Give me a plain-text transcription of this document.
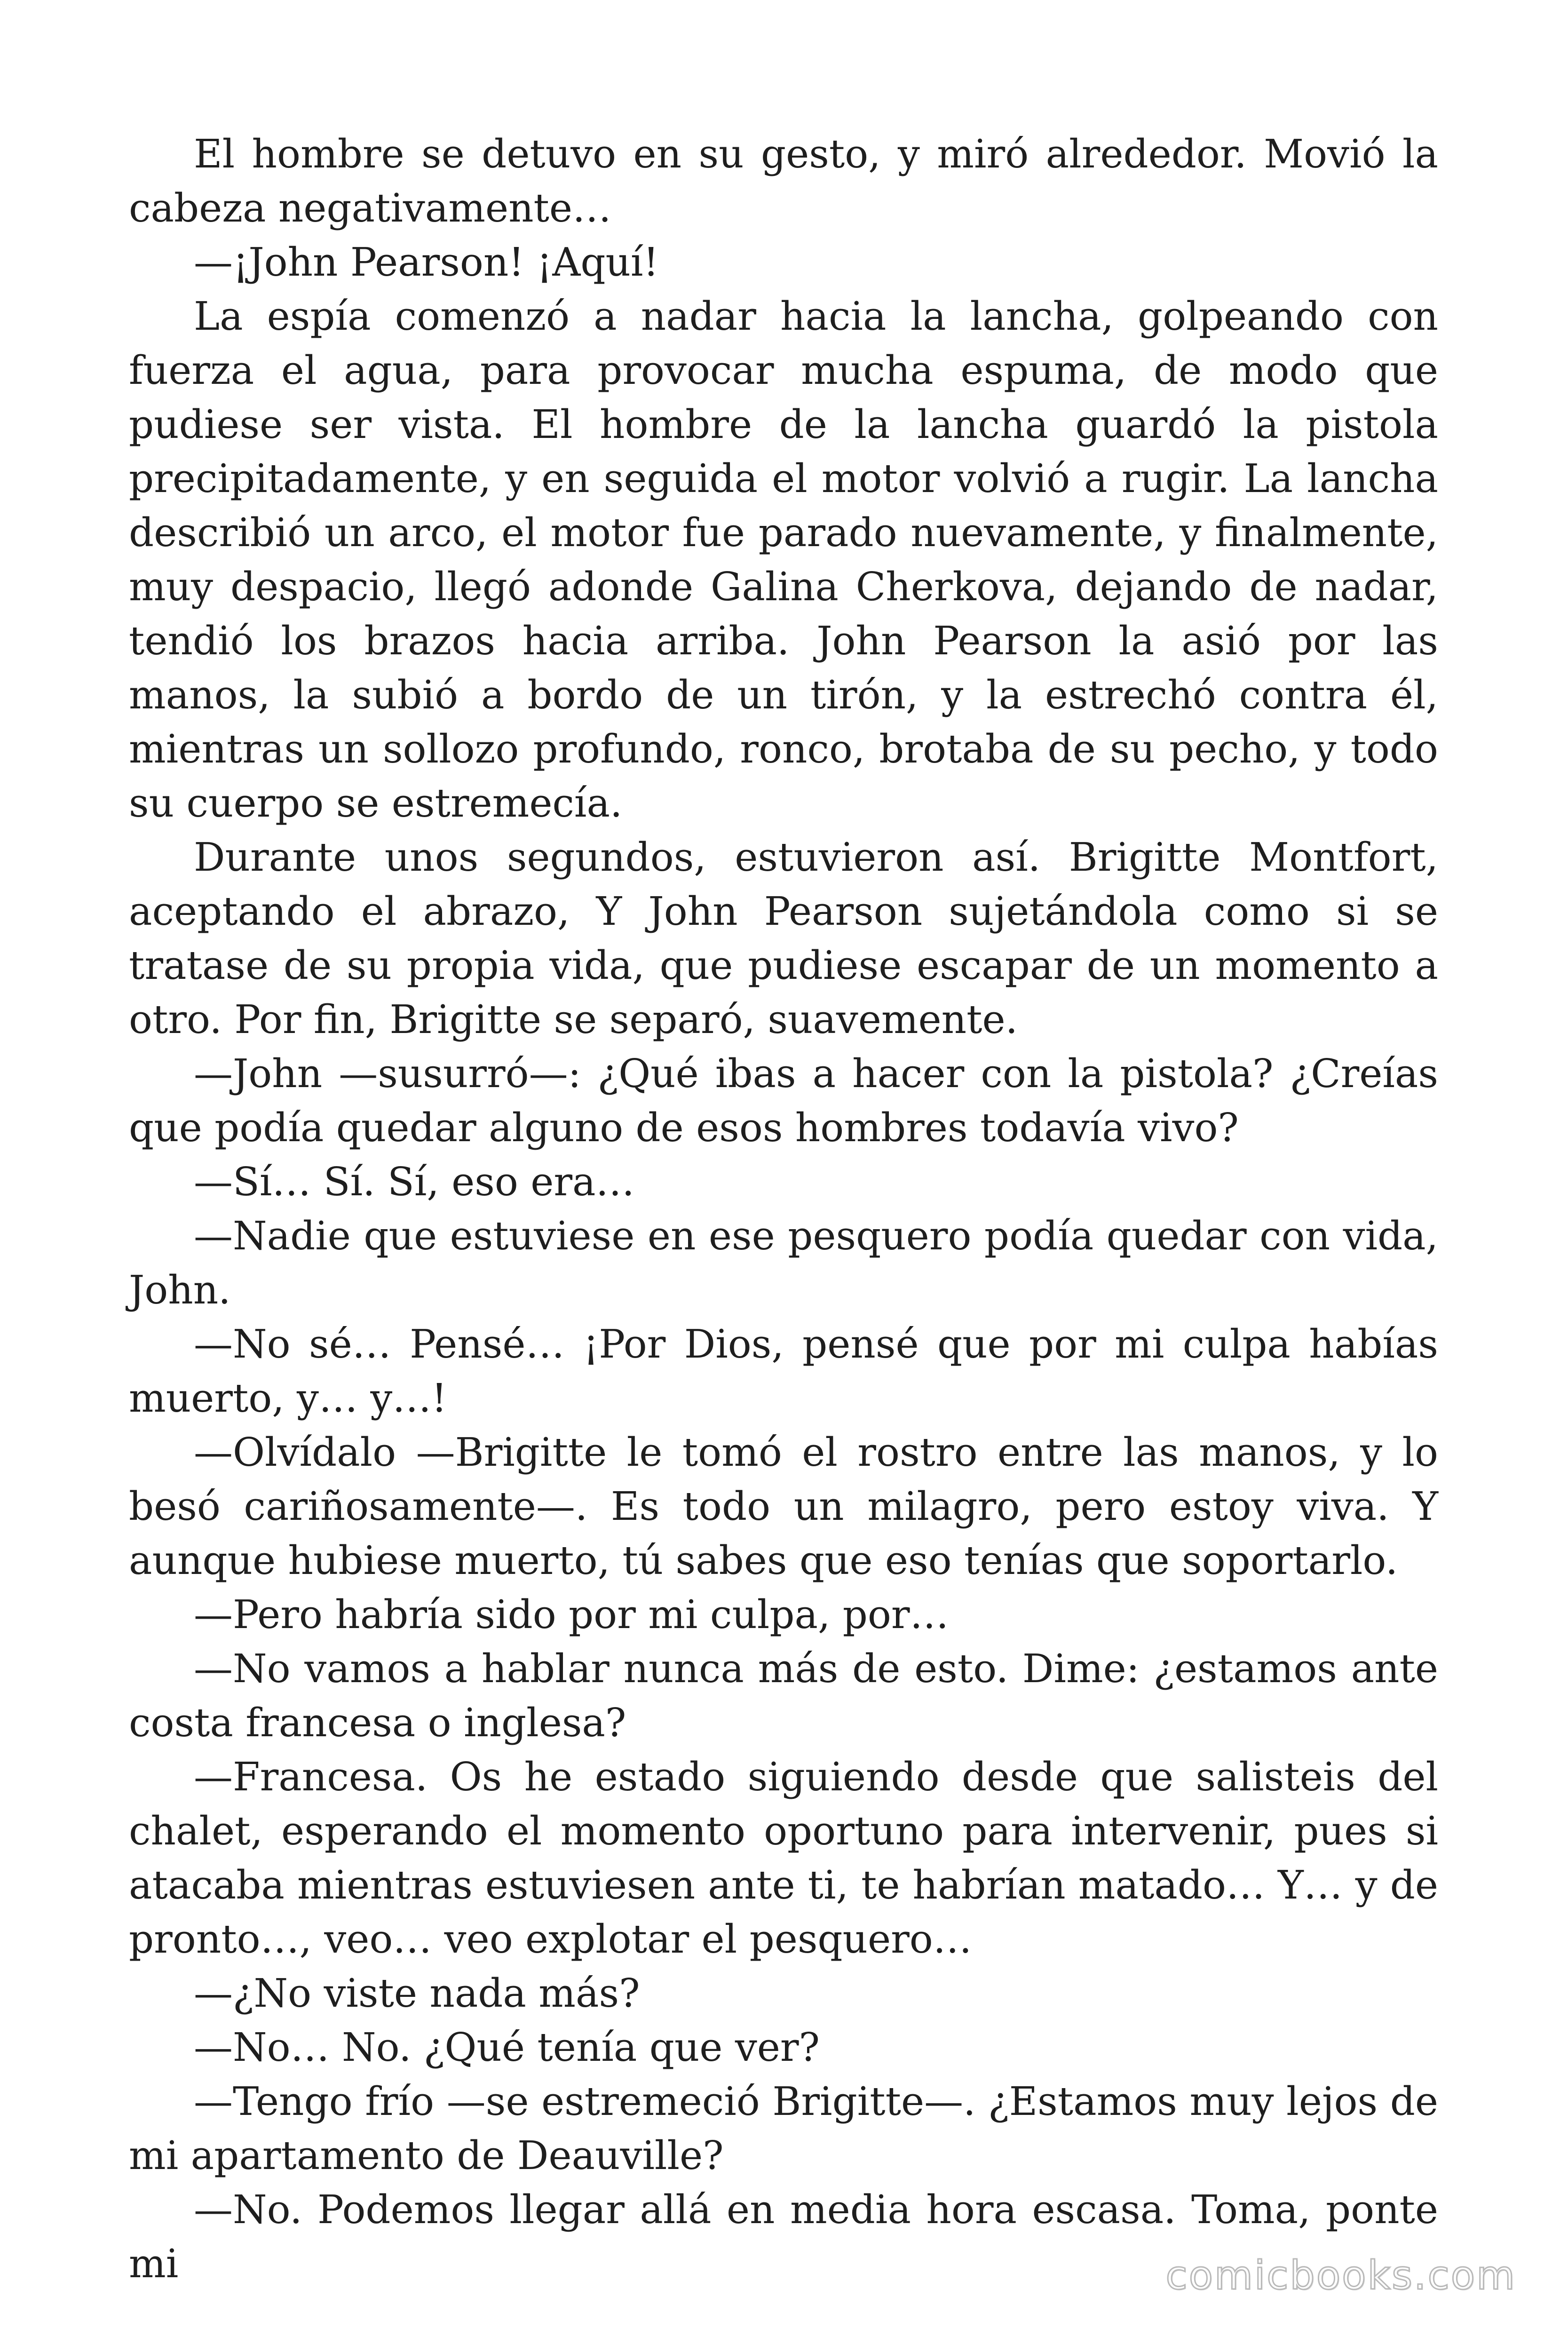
El hombre se detuvo en su gesto, y miró alrededor. Movió la cabeza negativamente…

—¡John Pearson! ¡Aquí!

La espía comenzó a nadar hacia la lancha, golpeando con fuerza el agua, para provocar mucha espuma, de modo que pudiese ser vista. El hombre de la lancha guardó la pistola precipitadamente, y en seguida el motor volvió a rugir. La lancha describió un arco, el motor fue parado nuevamente, y finalmente, muy despacio, llegó adonde Galina Cherkova, dejando de nadar, tendió los brazos hacia arriba. John Pearson la asió por las manos, la subió a bordo de un tirón, y la estrechó contra él, mientras un sollozo profundo, ronco, brotaba de su pecho, y todo su cuerpo se estremecía.

Durante unos segundos, estuvieron así. Brigitte Montfort, aceptando el abrazo, Y John Pearson sujetándola como si se tratase de su propia vida, que pudiese escapar de un momento a otro. Por fin, Brigitte se separó, suavemente.

—John —susurró—: ¿Qué ibas a hacer con la pistola? ¿Creías que podía quedar alguno de esos hombres todavía vivo?

—Sí… Sí. Sí, eso era…

—Nadie que estuviese en ese pesquero podía quedar con vida, John.

—No sé… Pensé… ¡Por Dios, pensé que por mi culpa habías muerto, y… y…!

—Olvídalo —Brigitte le tomó el rostro entre las manos, y lo besó cariñosamente—. Es todo un milagro, pero estoy viva. Y aunque hubiese muerto, tú sabes que eso tenías que soportarlo.

—Pero habría sido por mi culpa, por…

—No vamos a hablar nunca más de esto. Dime: ¿estamos ante costa francesa o inglesa?

—Francesa. Os he estado siguiendo desde que salisteis del chalet, esperando el momento oportuno para intervenir, pues si atacaba mientras estuviesen ante ti, te habrían matado… Y… y de pronto…, veo… veo explotar el pesquero…

—¿No viste nada más?

—No… No. ¿Qué tenía que ver?

—Tengo frío —se estremeció Brigitte—. ¿Estamos muy lejos de mi apartamento de Deauville?

—No. Podemos llegar allá en media hora escasa. Toma, ponte mi	comicbooks.com
